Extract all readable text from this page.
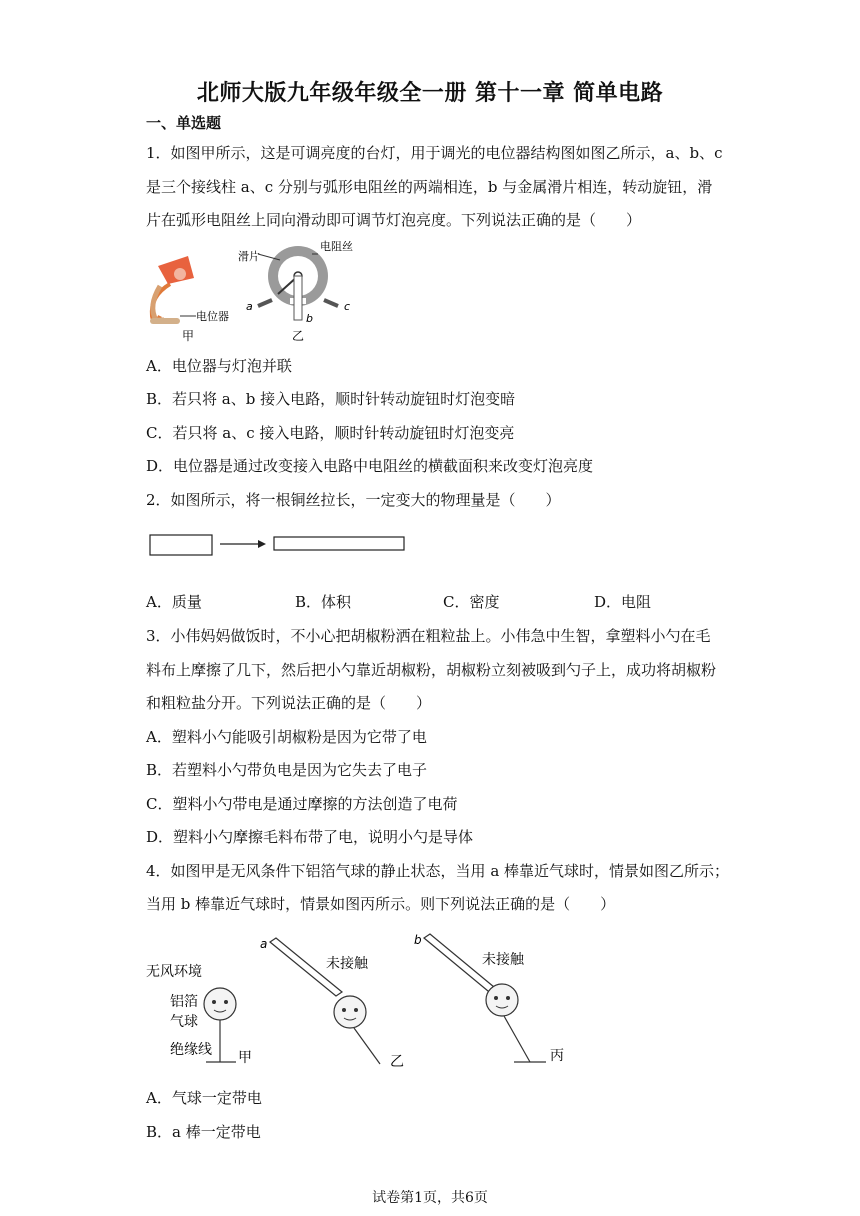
北师大版九年级年级全一册 第十一章 简单电路
一、单选题
1．如图甲所示，这是可调亮度的台灯，用于调光的电位器结构图如图乙所示，a、b、c
是三个接线柱 a、c 分别与弧形电阻丝的两端相连，b 与金属滑片相连，转动旋钮，滑
片在弧形电阻丝上同向滑动即可调节灯泡亮度。下列说法正确的是（　　）
电位器
甲
滑片
电阻丝
a
b
c
乙
A．电位器与灯泡并联
B．若只将 a、b 接入电路，顺时针转动旋钮时灯泡变暗
C．若只将 a、c 接入电路，顺时针转动旋钮时灯泡变亮
D．电位器是通过改变接入电路中电阻丝的横截面积来改变灯泡亮度
2．如图所示，将一根铜丝拉长，一定变大的物理量是（　　）
A．质量	B．体积	C．密度	D．电阻
3．小伟妈妈做饭时，不小心把胡椒粉洒在粗粒盐上。小伟急中生智，拿塑料小勺在毛
料布上摩擦了几下，然后把小勺靠近胡椒粉，胡椒粉立刻被吸到勺子上，成功将胡椒粉
和粗粒盐分开。下列说法正确的是（　　）
A．塑料小勺能吸引胡椒粉是因为它带了电
B．若塑料小勺带负电是因为它失去了电子
C．塑料小勺带电是通过摩擦的方法创造了电荷
D．塑料小勺摩擦毛料布带了电，说明小勺是导体
4．如图甲是无风条件下铝箔气球的静止状态，当用 a 棒靠近气球时，情景如图乙所示；
当用 b 棒靠近气球时，情景如图丙所示。则下列说法正确的是（　　）
无风环境
铝箔
气球
绝缘线 甲
a
未接触
乙
b
未接触
丙
A．气球一定带电
B．a 棒一定带电
试卷第1页，共6页
